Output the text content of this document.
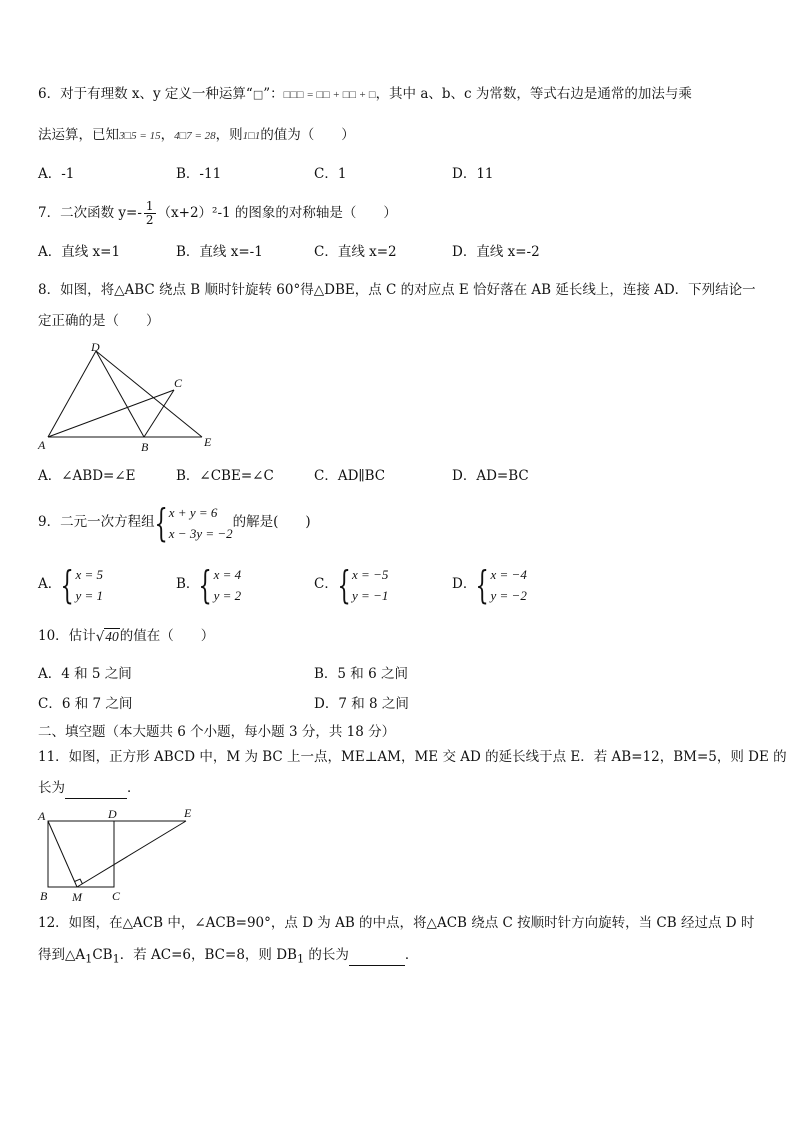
6．对于有理数 x、y 定义一种运算“□”：□□□ = □□ + □□ + □，其中 a、b、c 为常数，等式右边是通常的加法与乘
法运算，已知3□5 = 15，4□7 = 28，则1□1的值为（　　）
A．-1	B．-11	C．1	D．11
7．二次函数 $y=- \frac{1}{2} (x+2)^2-1$ 的图象的对称轴是（　　）
A．直线 x=1	B．直线 x=-1	C．直线 x=2	D．直线 x=-2
8．如图，将△ABC 绕点 B 顺时针旋转 60°得△DBE，点 C 的对应点 E 恰好落在 AB 延长线上，连接 AD．下列结论一
定正确的是（　　）
D
C
A	B	E
A．∠ABD=∠E	B．∠CBE=∠C	C．AD∥BC	D．AD=BC
9．二元一次方程组{ x + y = 6
x − 3y = −2
的解是(　　)
A．{ x = 5
y = 1
B．{ x = 4
y = 2
C．{ x = −5
y = −1
D．{ x = −4
y = −2
10．估计√40的值在（　　）
A．4 和 5 之间	B．5 和 6 之间
C．6 和 7 之间	D．7 和 8 之间
二、填空题（本大题共 6 个小题，每小题 3 分，共 18 分）
11．如图，正方形 ABCD 中，M 为 BC 上一点，ME⊥AM，ME 交 AD 的延长线于点 E．若 AB=12，BM=5，则 DE 的
长为	．
A	D	E
B M	C
12．如图，在△ACB 中，∠ACB=90°，点 D 为 AB 的中点，将△ACB 绕点 C 按顺时针方向旋转，当 CB 经过点 D 时
得到$\triangle A_1CB_1$．若 AC=6，BC=8，则 $DB_1$ 的长为	．
